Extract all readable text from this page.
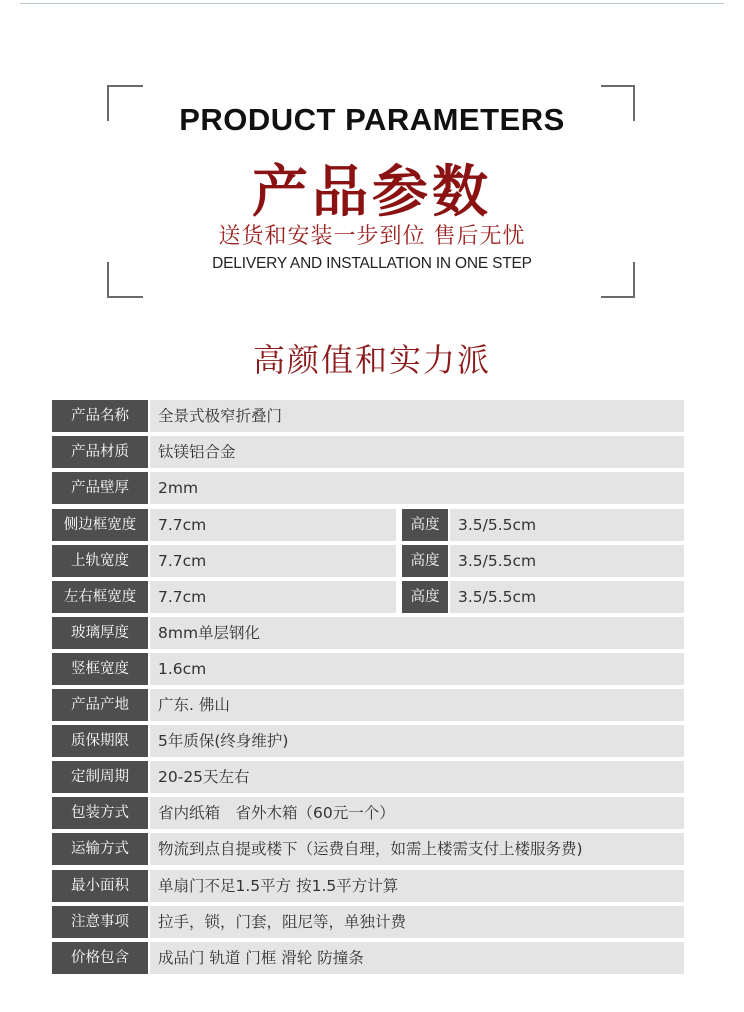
PRODUCT PARAMETERS
产品参数
送货和安装一步到位 售后无忧
DELIVERY AND INSTALLATION IN ONE STEP
高颜值和实力派
产品名称	全景式极窄折叠门
产品材质	钛镁铝合金
产品壁厚	2mm
侧边框宽度	7.7cm	高度	3.5/5.5cm
上轨宽度	7.7cm	高度	3.5/5.5cm
左右框宽度	7.7cm	高度	3.5/5.5cm
玻璃厚度	8mm单层钢化
竖框宽度	1.6cm
产品产地	广东. 佛山
质保期限	5年质保(终身维护)
定制周期	20-25天左右
包装方式	省内纸箱　省外木箱（60元一个）
运输方式	物流到点自提或楼下（运费自理，如需上楼需支付上楼服务费)
最小面积	单扇门不足1.5平方 按1.5平方计算
注意事项	拉手，锁，门套，阻尼等，单独计费
价格包含	成品门 轨道 门框 滑轮 防撞条
